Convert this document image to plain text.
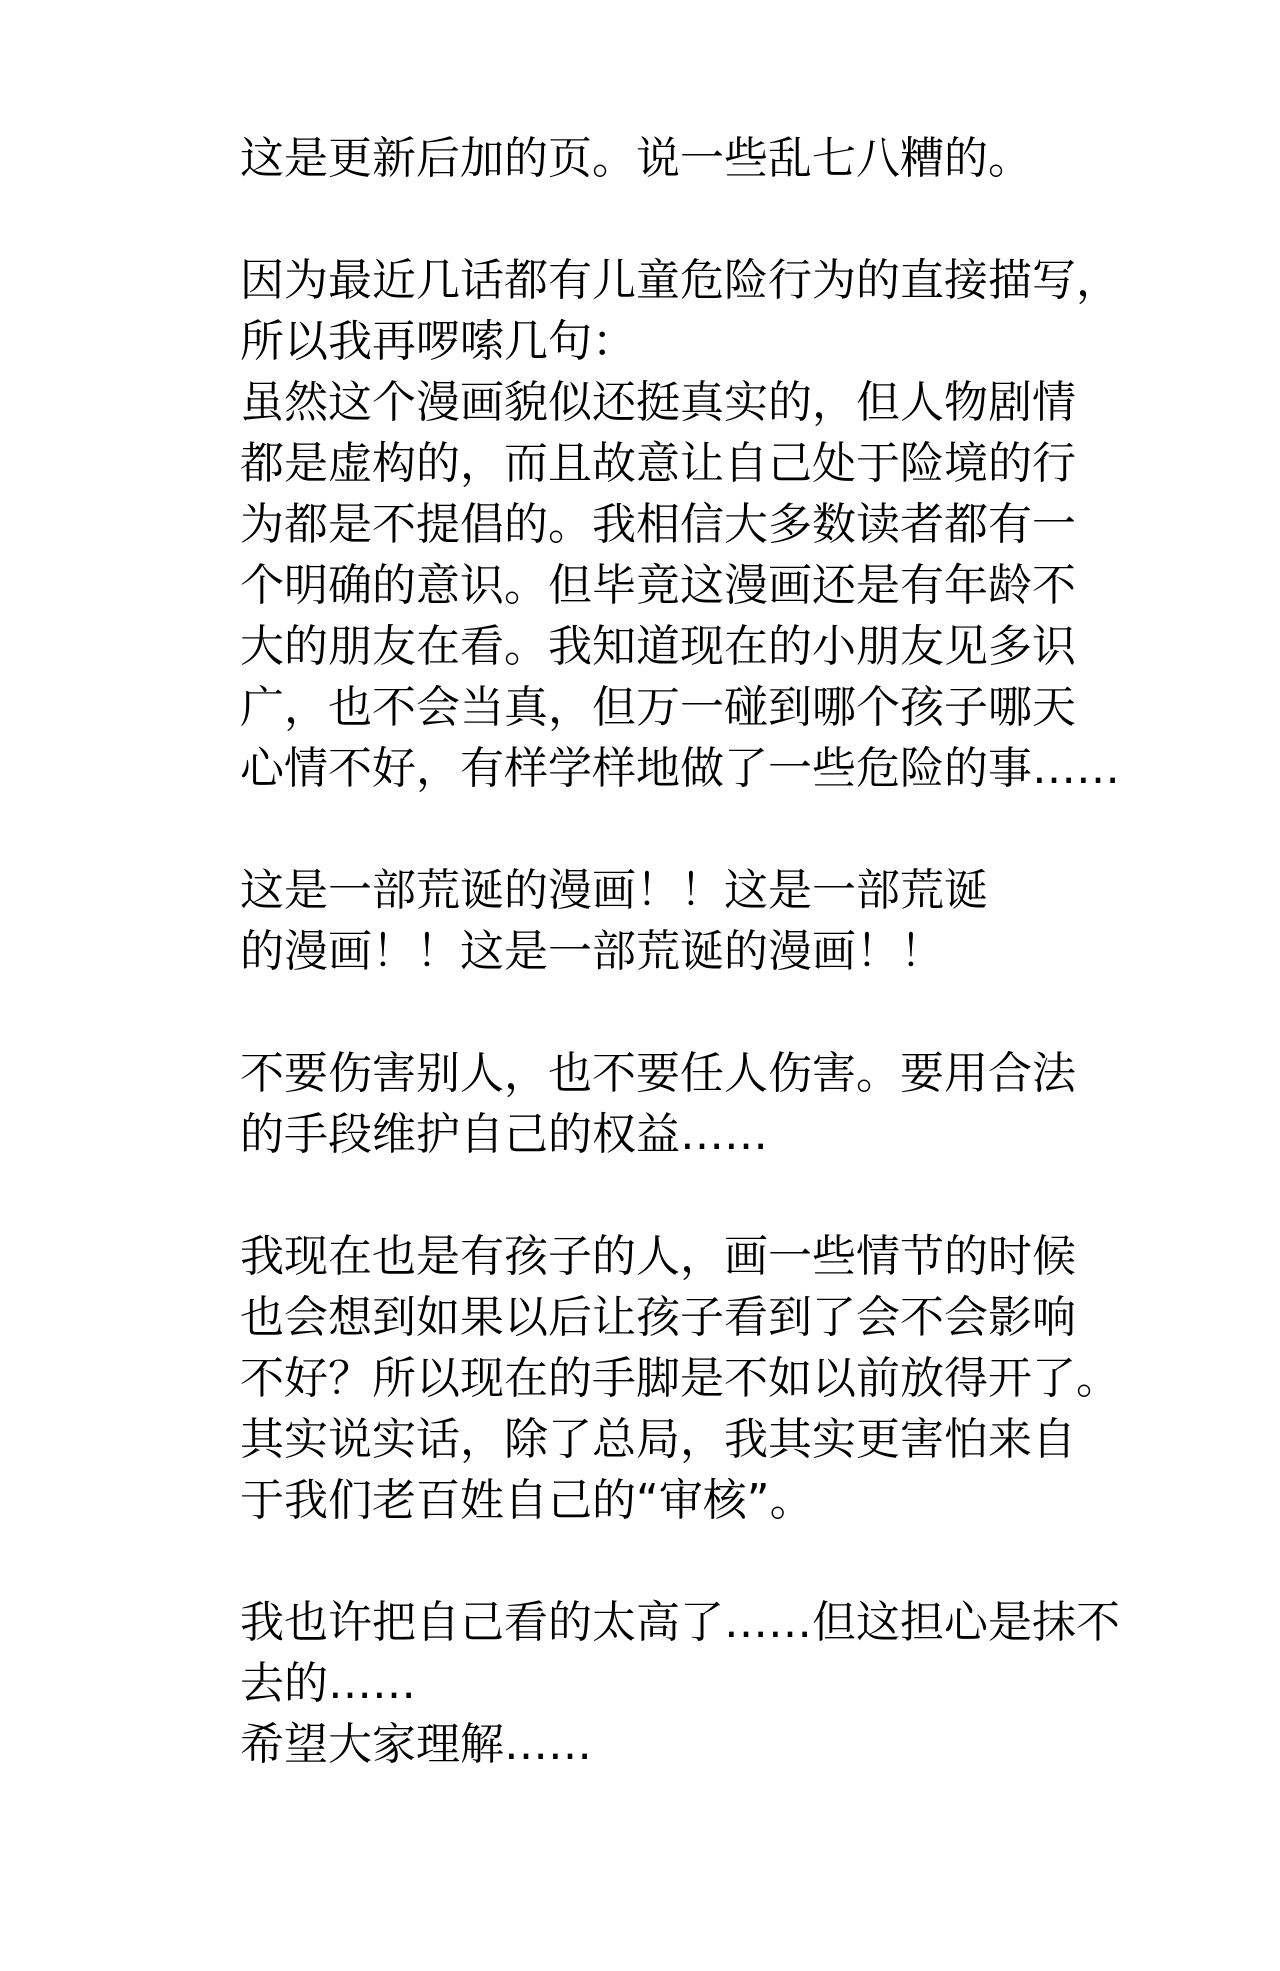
这是更新后加的页。说一些乱七八糟的。
因为最近几话都有儿童危险行为的直接描写，
所以我再啰嗦几句：
虽然这个漫画貌似还挺真实的，但人物剧情
都是虚构的，而且故意让自己处于险境的行
为都是不提倡的。我相信大多数读者都有一
个明确的意识。但毕竟这漫画还是有年龄不
大的朋友在看。我知道现在的小朋友见多识
广，也不会当真，但万一碰到哪个孩子哪天
心情不好，有样学样地做了一些危险的事……
这是一部荒诞的漫画！！这是一部荒诞
的漫画！！这是一部荒诞的漫画！！
不要伤害别人，也不要任人伤害。要用合法
的手段维护自己的权益……
我现在也是有孩子的人，画一些情节的时候
也会想到如果以后让孩子看到了会不会影响
不好？所以现在的手脚是不如以前放得开了。
其实说实话，除了总局，我其实更害怕来自
于我们老百姓自己的“审核”。
我也许把自己看的太高了……但这担心是抹不
去的……
希望大家理解……
